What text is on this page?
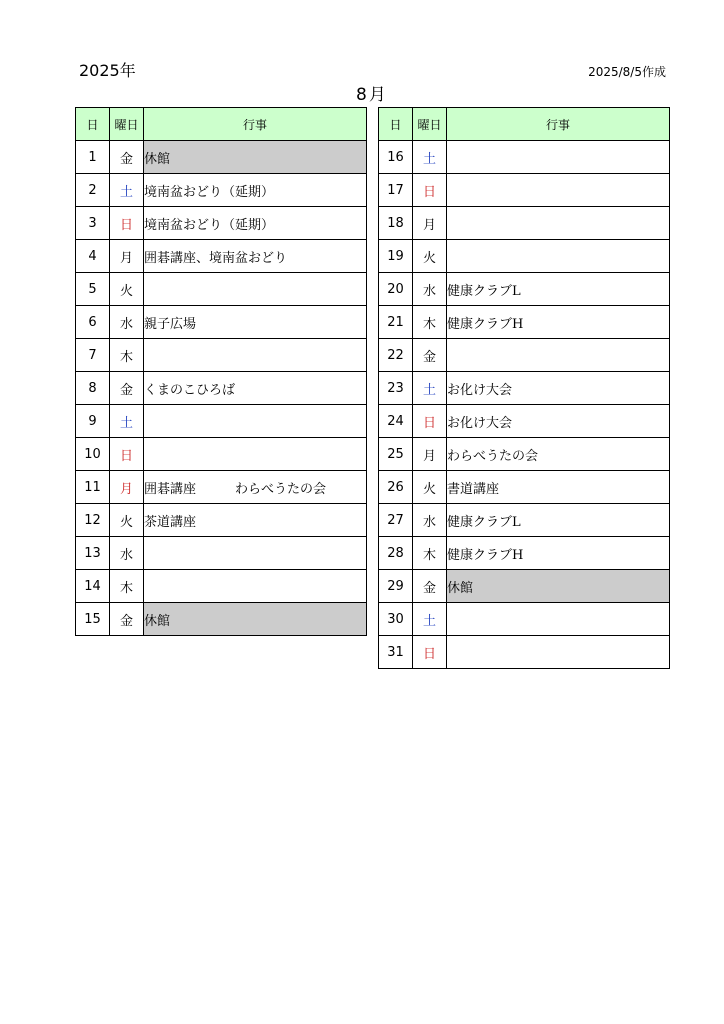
2025年	2025/8/5作成
8月
日	曜日	行事
1	金	休館
2	土	境南盆おどり（延期）
3	日	境南盆おどり（延期）
4	月	囲碁講座、境南盆おどり
5	火	
6	水	親子広場
7	木	
8	金	くまのこひろば
9	土	
10	日	
11	月	囲碁講座　　　わらべうたの会
12	火	茶道講座
13	水	
14	木	
15	金	休館
日	曜日	行事
16	土	
17	日	
18	月	
19	火	
20	水	健康クラブL
21	木	健康クラブH
22	金	
23	土	お化け大会
24	日	お化け大会
25	月	わらべうたの会
26	火	書道講座
27	水	健康クラブL
28	木	健康クラブH
29	金	休館
30	土	
31	日	
